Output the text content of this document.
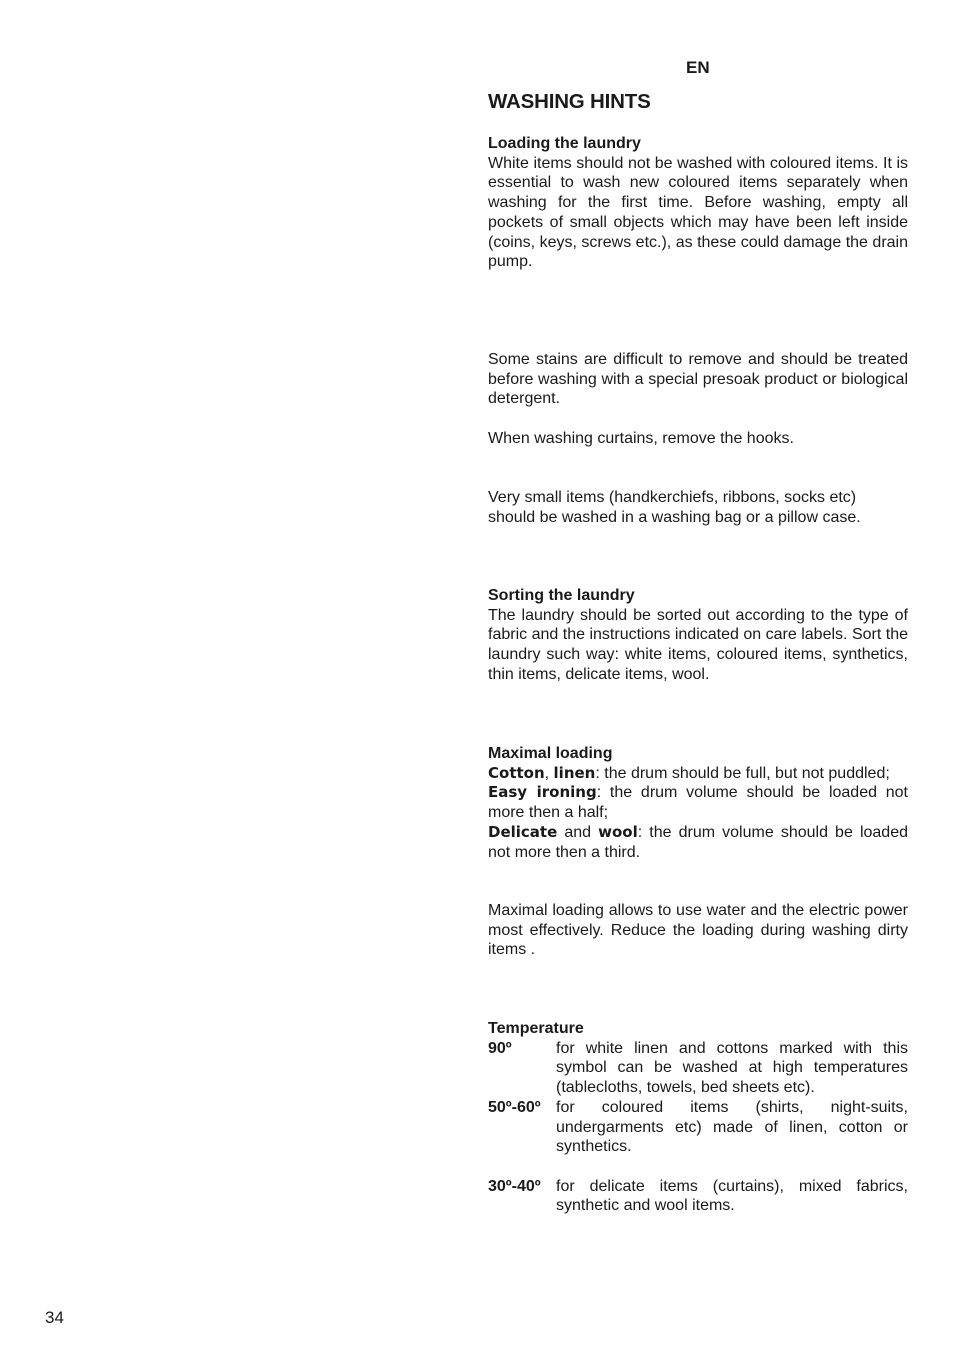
EN
WASHING HINTS
Loading the laundry

White items should not be washed with coloured items. It is essential to wash new coloured items separately when washing for the first time. Before washing, empty all pockets of small objects which may have been left inside (coins, keys, screws etc.), as these could damage the drain pump.

Some stains are difficult to remove and should be treated before washing with a special presoak product or biological detergent.

When washing curtains, remove the hooks.

Very small items (handkerchiefs, ribbons, socks etc)
should be washed in a washing bag or a pillow case.
Sorting the laundry

The laundry should be sorted out according to the type of fabric and the instructions indicated on care labels. Sort the laundry such way: white items, coloured items, synthetics, thin items, delicate items, wool.

Maximal loading

Cotton, linen: the drum should be full, but not puddled;

Easy ironing: the drum volume should be loaded not more then a half;

Delicate and wool: the drum volume should be loaded not more then a third.

Maximal loading allows to use water and the electric power most effectively. Reduce the loading during washing dirty items .

Temperature
90º	for white linen and cottons marked with this symbol can be washed at high temperatures (tablecloths, towels, bed sheets etc).
50º-60º for coloured items (shirts, night-suits, undergarments etc) made of linen, cotton or synthetics.
30º-40º for delicate items (curtains), mixed fabrics, synthetic and wool items.
34
